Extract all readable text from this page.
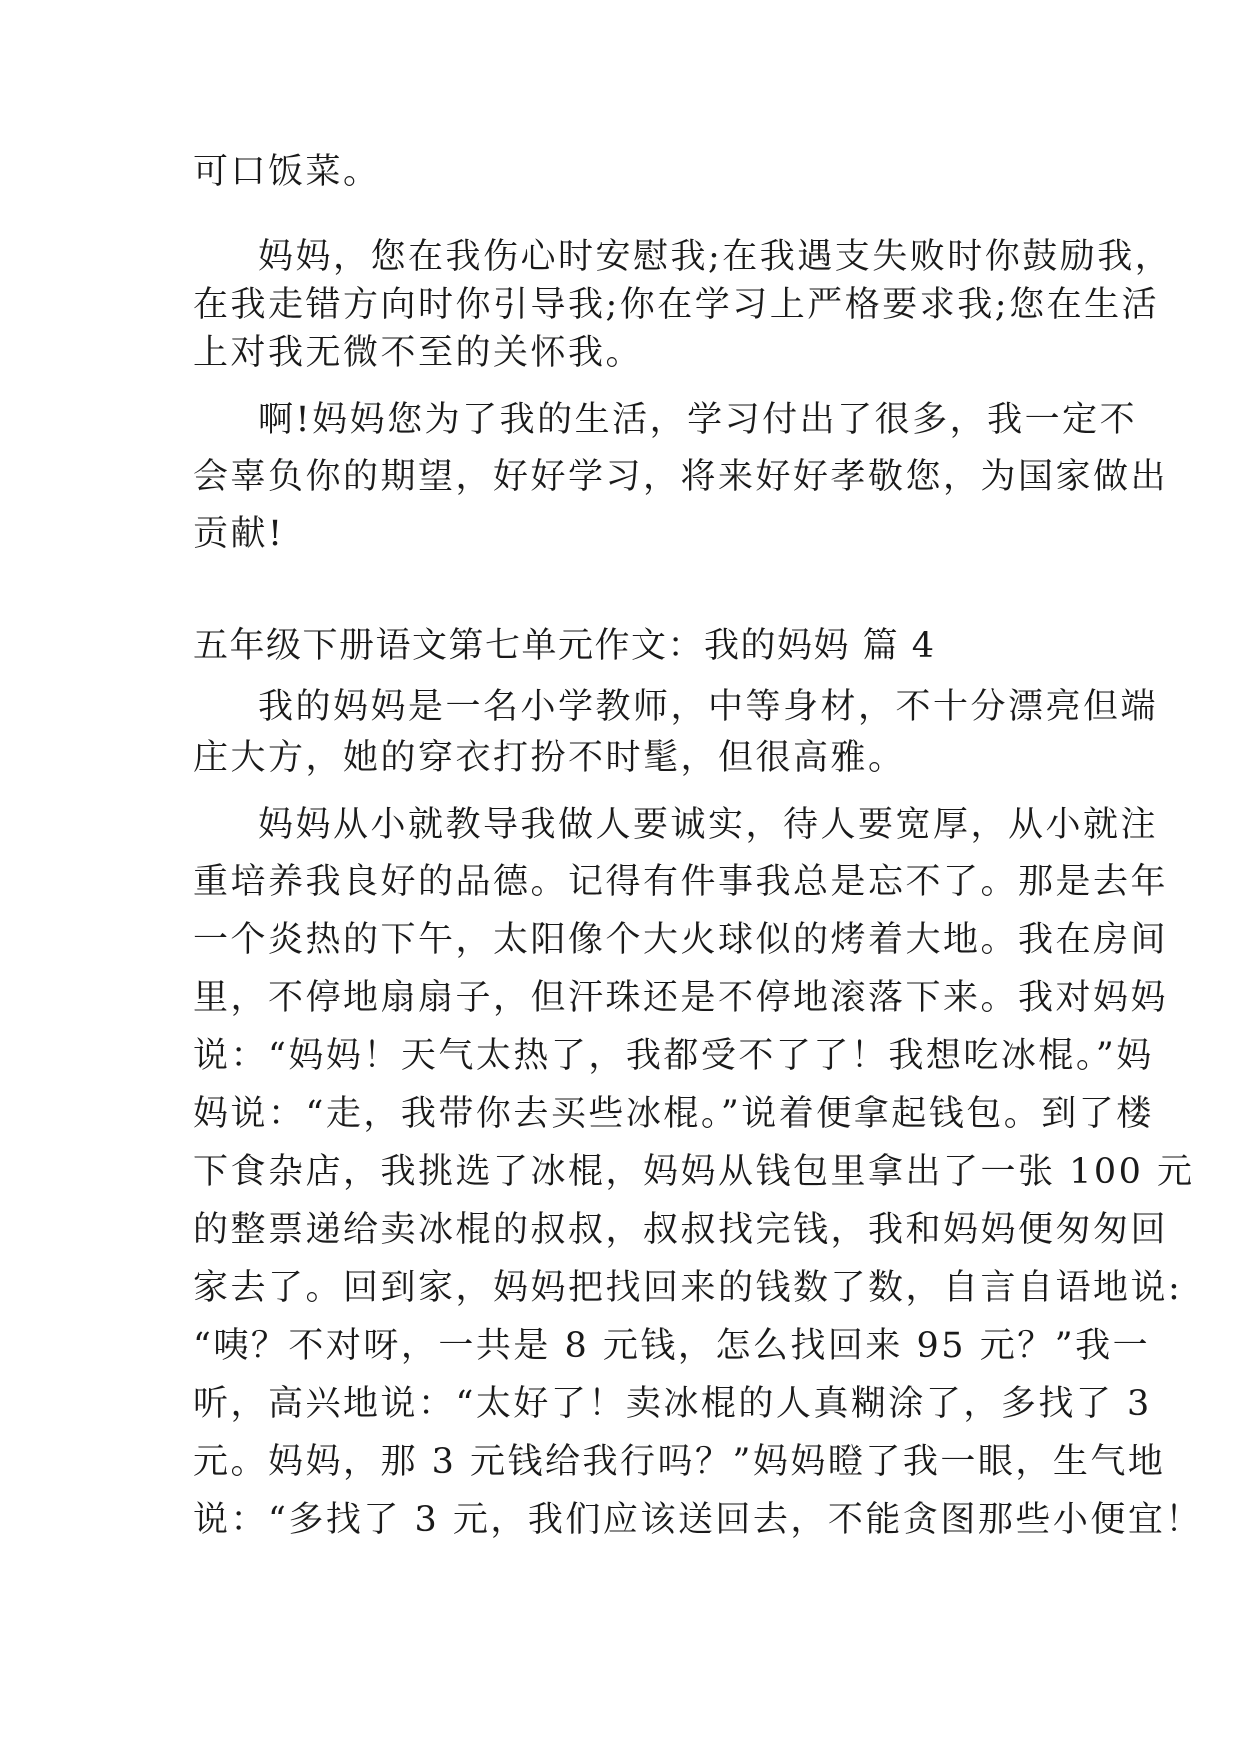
可口饭菜。
妈妈，您在我伤心时安慰我;在我遇支失败时你鼓励我，
在我走错方向时你引导我;你在学习上严格要求我;您在生活
上对我无微不至的关怀我。
啊!妈妈您为了我的生活，学习付出了很多，我一定不
会辜负你的期望，好好学习，将来好好孝敬您，为国家做出
贡献!
五年级下册语文第七单元作文：我的妈妈 篇 4
我的妈妈是一名小学教师，中等身材，不十分漂亮但端
庄大方，她的穿衣打扮不时髦，但很高雅。
妈妈从小就教导我做人要诚实，待人要宽厚，从小就注
重培养我良好的品德。记得有件事我总是忘不了。那是去年
一个炎热的下午，太阳像个大火球似的烤着大地。我在房间
里，不停地扇扇子，但汗珠还是不停地滚落下来。我对妈妈
说：“妈妈！天气太热了，我都受不了了！我想吃冰棍。”妈
妈说：“走，我带你去买些冰棍。”说着便拿起钱包。到了楼
下食杂店，我挑选了冰棍，妈妈从钱包里拿出了一张 100 元
的整票递给卖冰棍的叔叔，叔叔找完钱，我和妈妈便匆匆回
家去了。回到家，妈妈把找回来的钱数了数，自言自语地说:
“咦？不对呀，一共是 8 元钱，怎么找回来 95 元？”我一
听，高兴地说：“太好了！卖冰棍的人真糊涂了，多找了 3
元。妈妈，那 3 元钱给我行吗？”妈妈瞪了我一眼，生气地
说：“多找了 3 元，我们应该送回去，不能贪图那些小便宜！
